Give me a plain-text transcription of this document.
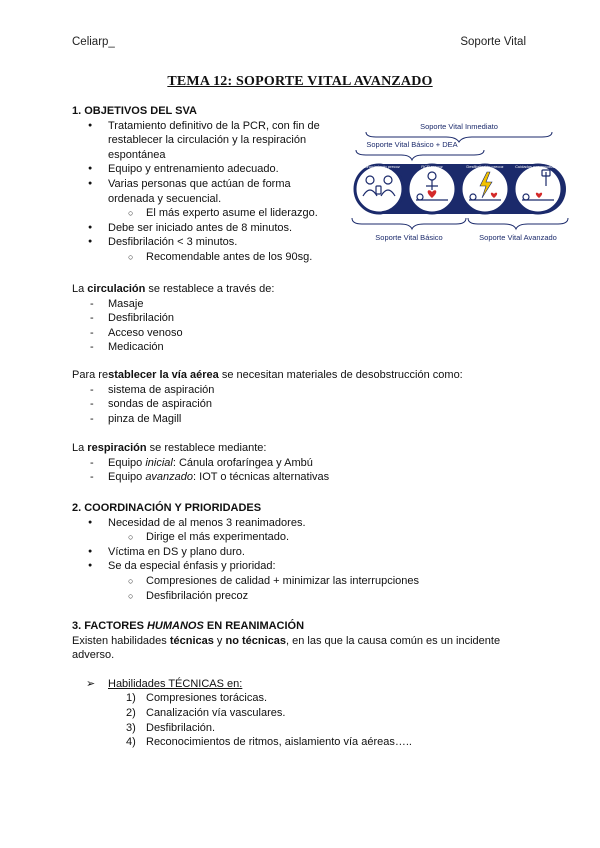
Celiarp_	Soporte Vital
TEMA 12: SOPORTE VITAL AVANZADO
1. OBJETIVOS DEL SVA
● Tratamiento definitivo de la PCR, con fin de restablecer la circulación y la respiración espontánea
● Equipo y entrenamiento adecuado.
● Varias personas que actúan de forma ordenada y secuencial.
○ El más experto asume el liderazgo.
● Debe ser iniciado antes de 8 minutos.
● Desfibrilación < 3 minutos.
○ Recomendable antes de los 90sg.
Soporte Vital Inmediato
Soporte Vital Básico + DEA
Reconocimiento precoz	RCP precoz	Desfibrilación precoz	Cuidados posresucitación
Soporte Vital Básico	Soporte Vital Avanzado
La circulación se restablece a través de:
- Masaje
- Desfibrilación
- Acceso venoso
- Medicación
Para restablecer la vía aérea se necesitan materiales de desobstrucción como:
- sistema de aspiración
- sondas de aspiración
- pinza de Magill
La respiración se restablece mediante:
- Equipo inicial: Cánula orofaríngea y Ambú
- Equipo avanzado: IOT o técnicas alternativas
2. COORDINACIÓN Y PRIORIDADES
● Necesidad de al menos 3 reanimadores.
○ Dirige el más experimentado.
● Víctima en DS y plano duro.
● Se da especial énfasis y prioridad:
○ Compresiones de calidad + minimizar las interrupciones
○ Desfibrilación precoz
3. FACTORES HUMANOS EN REANIMACIÓN
Existen habilidades técnicas y no técnicas, en las que la causa común es un incidente adverso.
➢ Habilidades TÉCNICAS en:
1) Compresiones torácicas.
2) Canalización vía vasculares.
3) Desfibrilación.
4) Reconocimientos de ritmos, aislamiento vía aéreas…..
